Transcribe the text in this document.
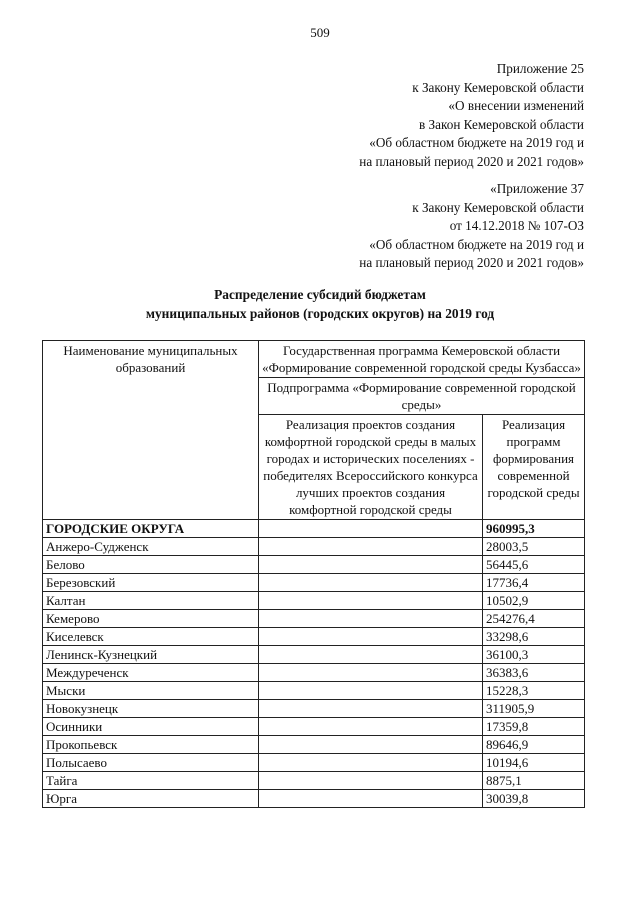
509
Приложение 25
к Закону Кемеровской области
«О внесении изменений
в Закон Кемеровской области
«Об областном бюджете на 2019 год и
на плановый период 2020 и 2021 годов»
«Приложение 37
к Закону Кемеровской области
от 14.12.2018 № 107-ОЗ
«Об областном бюджете на 2019 год и
на плановый период 2020 и 2021 годов»
Распределение субсидий бюджетам
муниципальных районов (городских округов) на 2019 год
Наименование муниципальных образований	Государственная программа Кемеровской области «Формирование современной городской среды Кузбасса»	
	Подпрограмма «Формирование современной городской среды»	
	Реализация проектов создания комфортной городской среды в малых городах и исторических поселениях - победителях Всероссийского конкурса лучших проектов создания комфортной городской среды	Реализация программ формирования современной городской среды
ГОРОДСКИЕ ОКРУГА		960995,3
Анжеро-Судженск		28003,5
Белово		56445,6
Березовский		17736,4
Калтан		10502,9
Кемерово		254276,4
Киселевск		33298,6
Ленинск-Кузнецкий		36100,3
Междуреченск		36383,6
Мыски		15228,3
Новокузнецк		311905,9
Осинники		17359,8
Прокопьевск		89646,9
Полысаево		10194,6
Тайга		8875,1
Юрга		30039,8
